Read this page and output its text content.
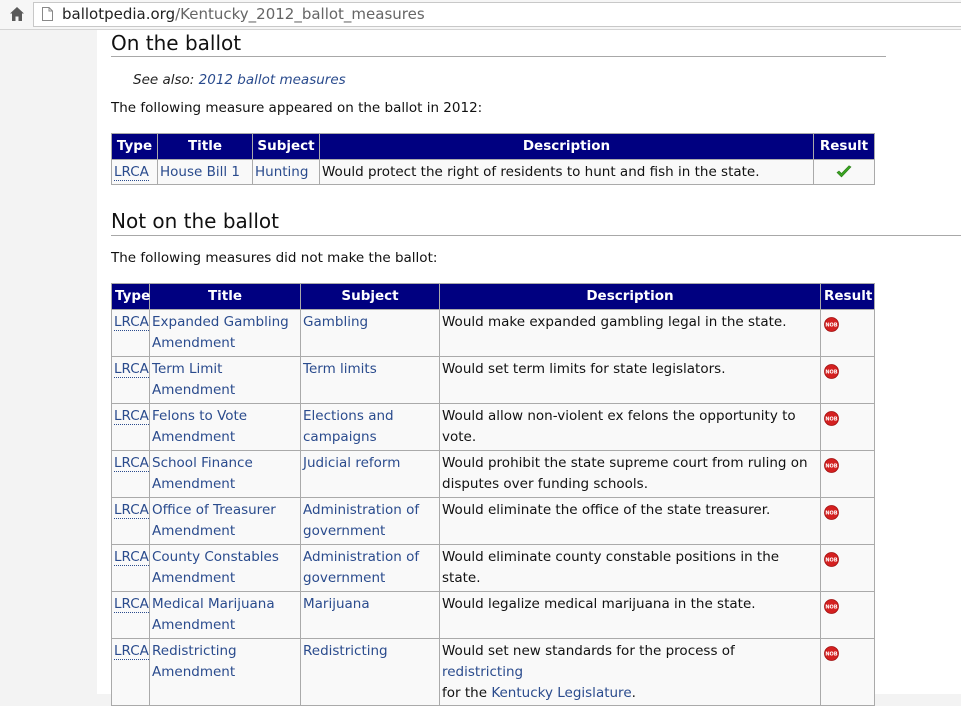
ballotpedia.org/Kentucky_2012_ballot_measures
On the ballot
See also: 2012 ballot measures
The following measure appeared on the ballot in 2012:
Type	Title	Subject	Description	Result
LRCA	House Bill 1	Hunting	Would protect the right of residents to hunt and fish in the state.	
Not on the ballot
The following measures did not make the ballot:
Type	Title	Subject	Description	Result
LRCA	Expanded Gambling
Amendment	Gambling	Would make expanded gambling legal in the state.	NOB

LRCA	Term Limit
Amendment	Term limits	Would set term limits for state legislators.	NOB

LRCA	Felons to Vote
Amendment	Elections and
campaigns	Would allow non-violent ex felons the opportunity to
vote.	NOB

LRCA	School Finance
Amendment	Judicial reform	Would prohibit the state supreme court from ruling on
disputes over funding schools.	NOB

LRCA	Office of Treasurer
Amendment	Administration of
government	Would eliminate the office of the state treasurer.	NOB

LRCA	County Constables
Amendment	Administration of
government	Would eliminate county constable positions in the state.	NOB

LRCA	Medical Marijuana
Amendment	Marijuana	Would legalize medical marijuana in the state.	NOB

LRCA	Redistricting
Amendment	Redistricting	Would set new standards for the process of redistricting
for the Kentucky Legislature.	NOB
